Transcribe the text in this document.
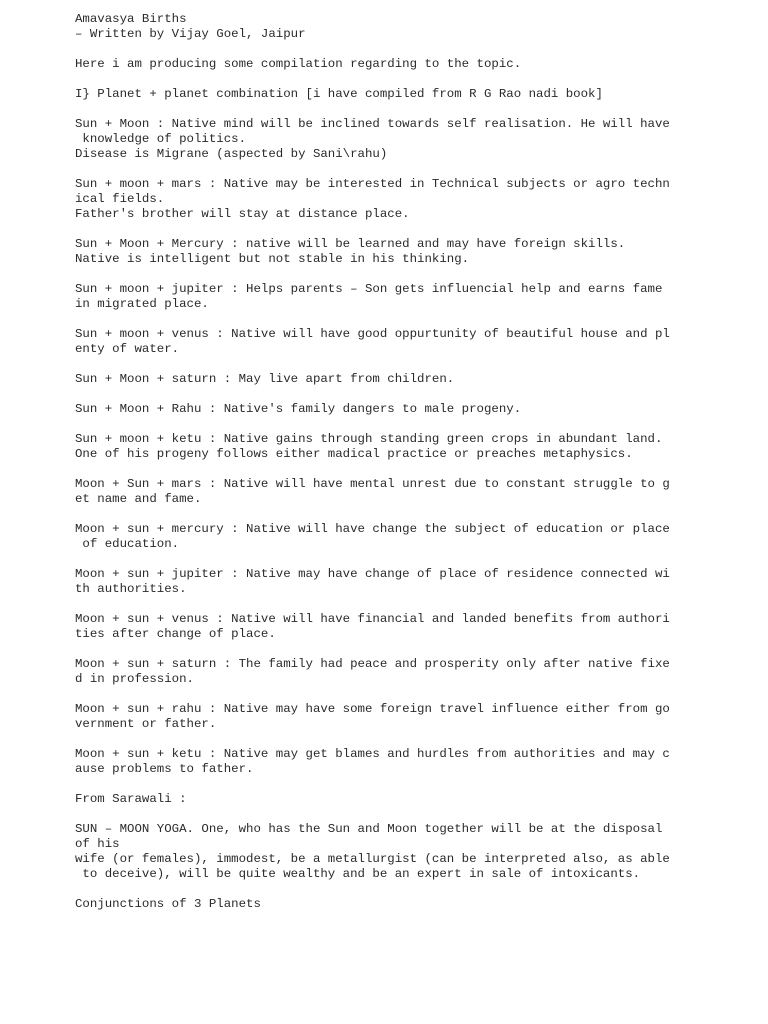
Amavasya Births
– Written by Vijay Goel, Jaipur
Here i am producing some compilation regarding to the topic.
I} Planet + planet combination [i have compiled from R G Rao nadi book]
Sun + Moon : Native mind will be inclined towards self realisation. He will have
knowledge of politics.
Disease is Migrane (aspected by Sani\rahu)
Sun + moon + mars : Native may be interested in Technical subjects or agro techn
ical fields.
Father's brother will stay at distance place.
Sun + Moon + Mercury : native will be learned and may have foreign skills.
Native is intelligent but not stable in his thinking.
Sun + moon + jupiter : Helps parents – Son gets influencial help and earns fame
in migrated place.
Sun + moon + venus : Native will have good oppurtunity of beautiful house and pl
enty of water.
Sun + Moon + saturn : May live apart from children.
Sun + Moon + Rahu : Native's family dangers to male progeny.
Sun + moon + ketu : Native gains through standing green crops in abundant land.
One of his progeny follows either madical practice or preaches metaphysics.
Moon + Sun + mars : Native will have mental unrest due to constant struggle to g
et name and fame.
Moon + sun + mercury : Native will have change the subject of education or place
of education.
Moon + sun + jupiter : Native may have change of place of residence connected wi
th authorities.
Moon + sun + venus : Native will have financial and landed benefits from authori
ties after change of place.
Moon + sun + saturn : The family had peace and prosperity only after native fixe
d in profession.
Moon + sun + rahu : Native may have some foreign travel influence either from go
vernment or father.
Moon + sun + ketu : Native may get blames and hurdles from authorities and may c
ause problems to father.
From Sarawali :
SUN – MOON YOGA. One, who has the Sun and Moon together will be at the disposal
of his
wife (or females), immodest, be a metallurgist (can be interpreted also, as able
to deceive), will be quite wealthy and be an expert in sale of intoxicants.
Conjunctions of 3 Planets
